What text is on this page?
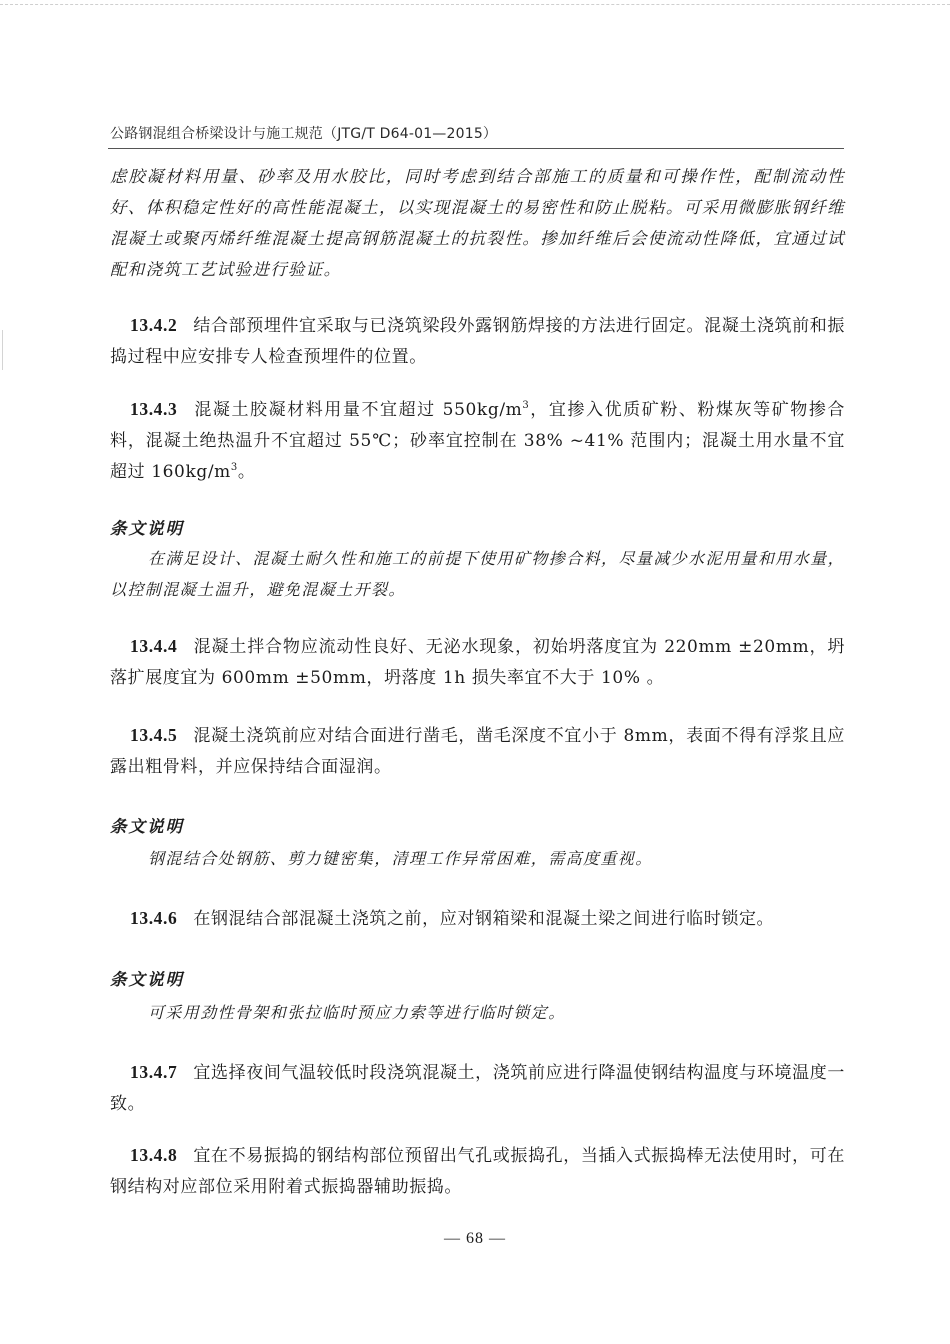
公路钢混组合桥梁设计与施工规范（JTG/T D64-01—2015）
虑胶凝材料用量、砂率及用水胶比，同时考虑到结合部施工的质量和可操作性，配制流动性好、体积稳定性好的高性能混凝土，以实现混凝土的易密性和防止脱粘。可采用微膨胀钢纤维混凝土或聚丙烯纤维混凝土提高钢筋混凝土的抗裂性。掺加纤维后会使流动性降低，宜通过试配和浇筑工艺试验进行验证。
13.4.2 结合部预埋件宜采取与已浇筑梁段外露钢筋焊接的方法进行固定。混凝土浇筑前和振捣过程中应安排专人检查预埋件的位置。
13.4.3 混凝土胶凝材料用量不宜超过 $550kg/m^3$，宜掺入优质矿粉、粉煤灰等矿物掺合料，混凝土绝热温升不宜超过 55℃；砂率宜控制在 38% ~41% 范围内；混凝土用水量不宜超过 $160kg/m^3$。
条文说明
在满足设计、混凝土耐久性和施工的前提下使用矿物掺合料，尽量减少水泥用量和用水量，以控制混凝土温升，避免混凝土开裂。
13.4.4 混凝土拌合物应流动性良好、无泌水现象，初始坍落度宜为 220mm ±20mm，坍落扩展度宜为 600mm ±50mm，坍落度 1h 损失率宜不大于 10% 。
13.4.5 混凝土浇筑前应对结合面进行凿毛，凿毛深度不宜小于 8mm，表面不得有浮浆且应露出粗骨料，并应保持结合面湿润。
条文说明
钢混结合处钢筋、剪力键密集，清理工作异常困难，需高度重视。
13.4.6 在钢混结合部混凝土浇筑之前，应对钢箱梁和混凝土梁之间进行临时锁定。
条文说明
可采用劲性骨架和张拉临时预应力索等进行临时锁定。
13.4.7 宜选择夜间气温较低时段浇筑混凝土，浇筑前应进行降温使钢结构温度与环境温度一致。
13.4.8 宜在不易振捣的钢结构部位预留出气孔或振捣孔，当插入式振捣棒无法使用时，可在钢结构对应部位采用附着式振捣器辅助振捣。
— 68 —
